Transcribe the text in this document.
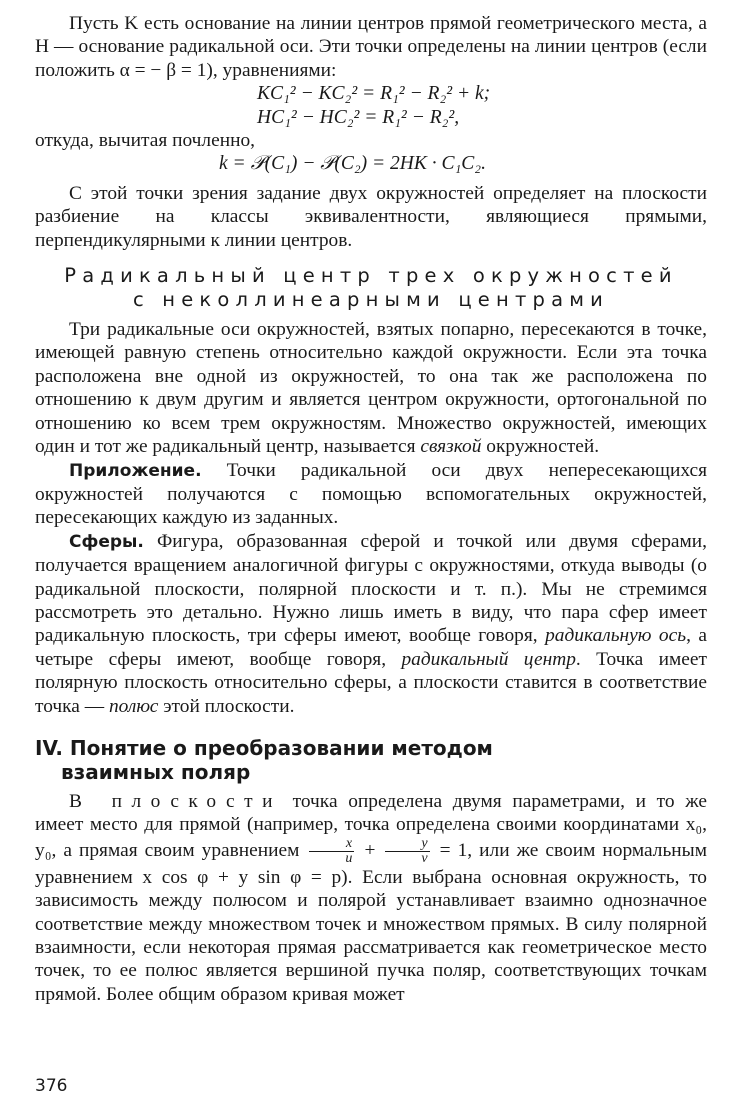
Пусть K есть основание на линии центров прямой геометрического места, а H — основание радикальной оси. Эти точки определены на линии центров (если положить α = − β = 1), уравнениями:

KC₁² − KC₂² = R₁² − R₂² + k;
HC₁² − HC₂² = R₁² − R₂²,

откуда, вычитая почленно,

k = 𝒫(C₁) − 𝒫(C₂) = 2HK · C₁C₂.

С этой точки зрения задание двух окружностей определяет на плоскости разбиение на классы эквивалентности, являющиеся прямыми, перпендикулярными к линии центров.

Радикальный центр трех окружностей
с неколлинеарными центрами

Три радикальные оси окружностей, взятых попарно, пересекаются в точке, имеющей равную степень относительно каждой окружности. Если эта точка расположена вне одной из окружностей, то она так же расположена по отношению к двум другим и является центром окружности, ортогональной по отношению ко всем трем окружностям. Множество окружностей, имеющих один и тот же радикальный центр, называется связкой окружностей.

Приложение. Точки радикальной оси двух непересекающихся окружностей получаются с помощью вспомогательных окружностей, пересекающих каждую из заданных.

Сферы. Фигура, образованная сферой и точкой или двумя сферами, получается вращением аналогичной фигуры с окружностями, откуда выводы (о радикальной плоскости, полярной плоскости и т. п.). Мы не стремимся рассмотреть это детально. Нужно лишь иметь в виду, что пара сфер имеет радикальную плоскость, три сферы имеют, вообще говоря, радикальную ось, а четыре сферы имеют, вообще говоря, радикальный центр. Точка имеет полярную плоскость относительно сферы, а плоскости ставится в соответствие точка — полюс этой плоскости.

IV. Понятие о преобразовании методом
взаимных поляр

В плоскости точка определена двумя параметрами, и то же имеет место для прямой (например, точка определена своими координатами x₀, y₀, а прямая своим уравнением $\frac{x}{u} + \frac{y}{v} = 1$, или же своим нормальным уравнением x cos φ + y sin φ = p). Если выбрана основная окружность, то зависимость между полюсом и полярой устанавливает взаимно однозначное соответствие между множеством точек и множеством прямых. В силу полярной взаимности, если некоторая прямая рассматривается как геометрическое место точек, то ее полюс является вершиной пучка поляр, соответствующих точкам прямой. Более общим образом кривая может

376
